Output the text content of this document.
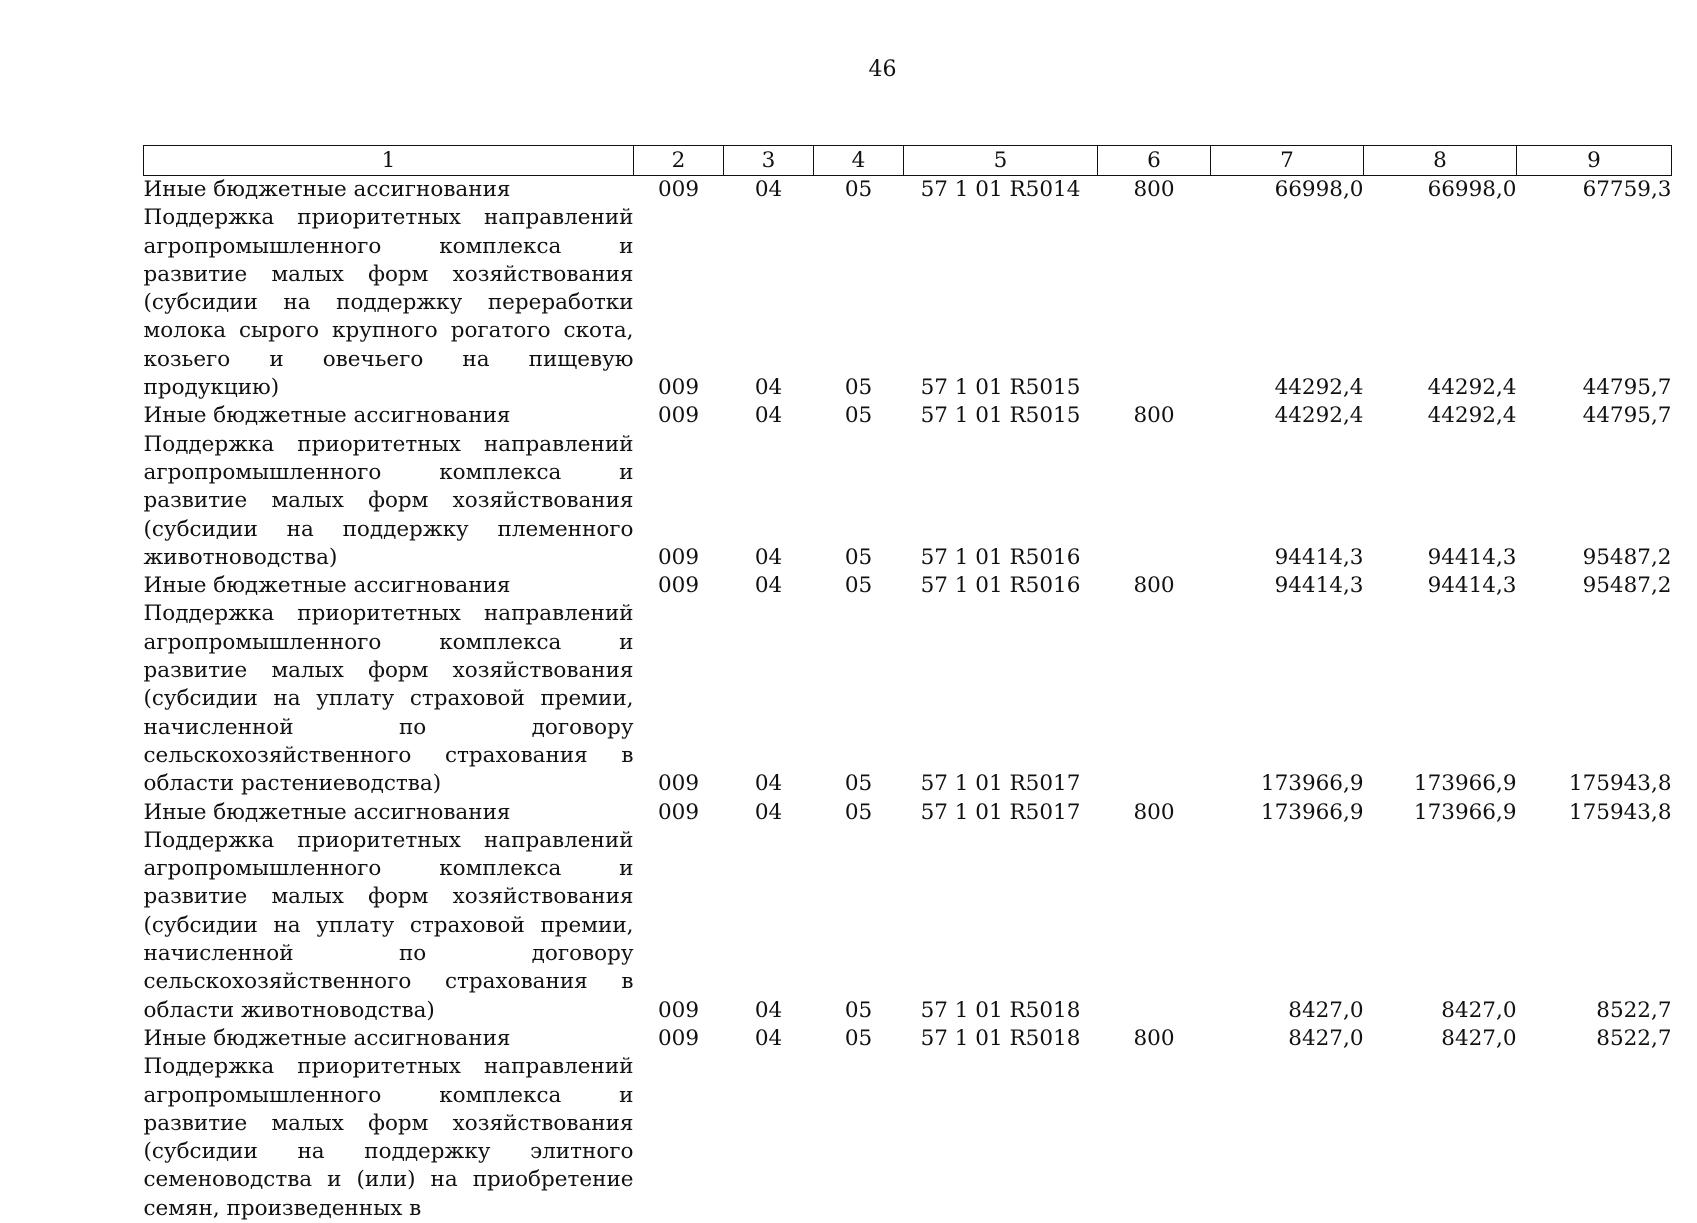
46
1	2	3	4	5	6	7	8	9
Иные бюджетные ассигнования	009	04	05	57 1 01 R5014	800	66998,0	66998,0	67759,3
Поддержка приоритетных направлений агропромышленного комплекса и развитие малых форм хозяйствования (субсидии на поддержку переработки молока сырого крупного рогатого скота, козьего и овечьего на пищевую продукцию)	009	04	05	57 1 01 R5015		44292,4	44292,4	44795,7
Иные бюджетные ассигнования	009	04	05	57 1 01 R5015	800	44292,4	44292,4	44795,7
Поддержка приоритетных направлений агропромышленного комплекса и развитие малых форм хозяйствования (субсидии на поддержку племенного животноводства)	009	04	05	57 1 01 R5016		94414,3	94414,3	95487,2
Иные бюджетные ассигнования	009	04	05	57 1 01 R5016	800	94414,3	94414,3	95487,2
Поддержка приоритетных направлений агропромышленного комплекса и развитие малых форм хозяйствования (субсидии на уплату страховой премии, начисленной по договору сельскохозяйственного страхования в области растениеводства)	009	04	05	57 1 01 R5017		173966,9	173966,9	175943,8
Иные бюджетные ассигнования	009	04	05	57 1 01 R5017	800	173966,9	173966,9	175943,8
Поддержка приоритетных направлений агропромышленного комплекса и развитие малых форм хозяйствования (субсидии на уплату страховой премии, начисленной по договору сельскохозяйственного страхования в области животноводства)	009	04	05	57 1 01 R5018		8427,0	8427,0	8522,7
Иные бюджетные ассигнования	009	04	05	57 1 01 R5018	800	8427,0	8427,0	8522,7
Поддержка приоритетных направлений агропромышленного комплекса и развитие малых форм хозяйствования (субсидии на поддержку элитного семеноводства и (или) на приобретение семян, произведенных в								
